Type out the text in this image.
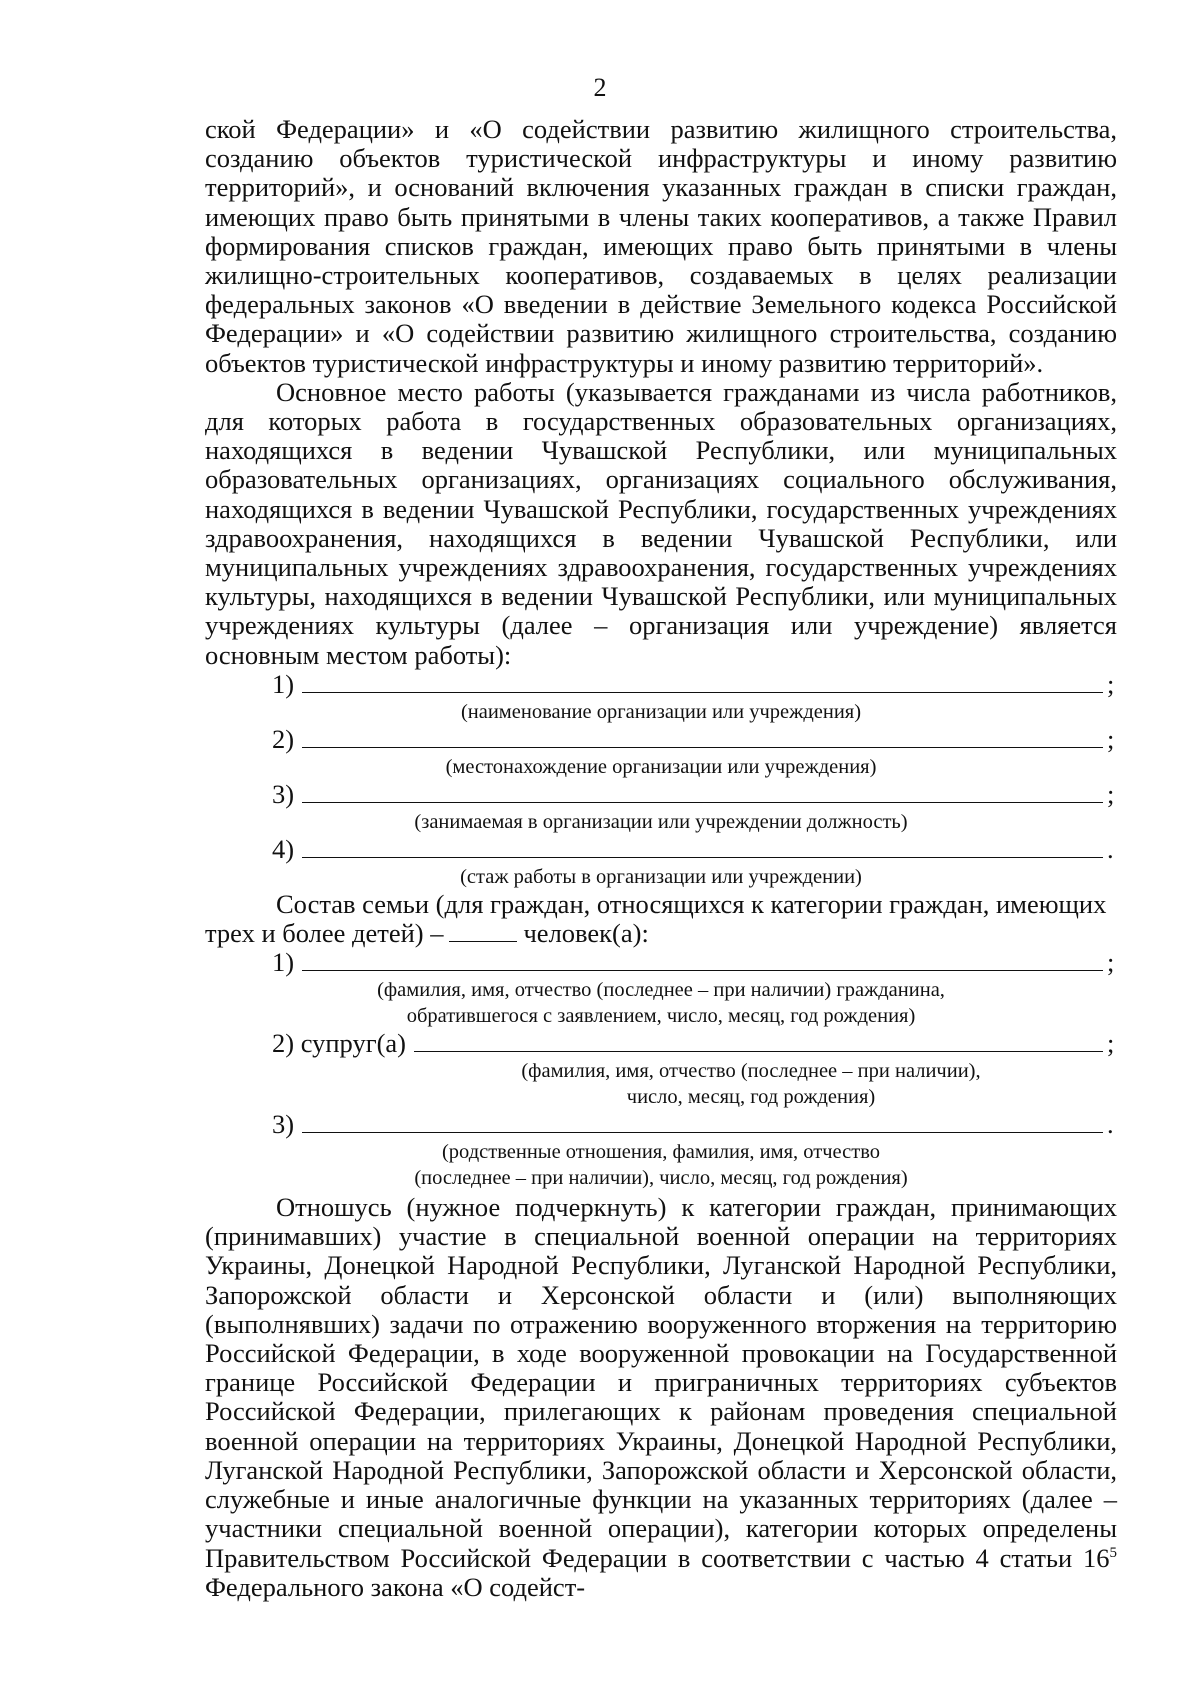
2

ской Федерации» и «О содействии развитию жилищного строительства, созданию объектов туристической инфраструктуры и иному развитию территорий», и оснований включения указанных граждан в списки граждан, имеющих право быть принятыми в члены таких кооперативов, а также Правил формирования списков граждан, имеющих право быть принятыми в члены жилищно-строительных кооперативов, создаваемых в целях реализации федеральных законов «О введении в действие Земельного кодекса Российской Федерации» и «О содействии развитию жилищного строительства, созданию объектов туристической инфраструктуры и иному развитию территорий».

Основное место работы (указывается гражданами из числа работников, для которых работа в государственных образовательных организациях, находящихся в ведении Чувашской Республики, или муниципальных образовательных организациях, организациях социального обслуживания, находящихся в ведении Чувашской Республики, государственных учреждениях здравоохранения, находящихся в ведении Чувашской Республики, или муниципальных учреждениях здравоохранения, государственных учреждениях культуры, находящихся в ведении Чувашской Республики, или муниципальных учреждениях культуры (далее – организация или учреждение) является основным местом работы):

1)	;
(наименование организации или учреждения)
2)	;
(местонахождение организации или учреждения)
3)	;
(занимаемая в организации или учреждении должность)
4)	.
(стаж работы в организации или учреждении)

Состав семьи (для граждан, относящихся к категории граждан, имеющих

трех и более детей) –	человек(а):
1)	;
(фамилия, имя, отчество (последнее – при наличии) гражданина,
обратившегося с заявлением, число, месяц, год рождения)
2) супруг(а)	;
(фамилия, имя, отчество (последнее – при наличии),
число, месяц, год рождения)
3)	.
(родственные отношения, фамилия, имя, отчество
(последнее – при наличии), число, месяц, год рождения)

Отношусь (нужное подчеркнуть) к категории граждан, принимающих (принимавших) участие в специальной военной операции на территориях Украины, Донецкой Народной Республики, Луганской Народной Республики, Запорожской области и Херсонской области и (или) выполняющих (выполнявших) задачи по отражению вооруженного вторжения на территорию Российской Федерации, в ходе вооруженной провокации на Государственной границе Российской Федерации и приграничных территориях субъектов Российской Федерации, прилегающих к районам проведения специальной военной операции на территориях Украины, Донецкой Народной Республики, Луганской Народной Республики, Запорожской области и Херсонской области, служебные и иные аналогичные функции на указанных территориях (далее – участники специальной военной операции), категории которых определены Правительством Российской Федерации в соответствии с частью 4 статьи $16^5$ Федерального закона «О содейст-
